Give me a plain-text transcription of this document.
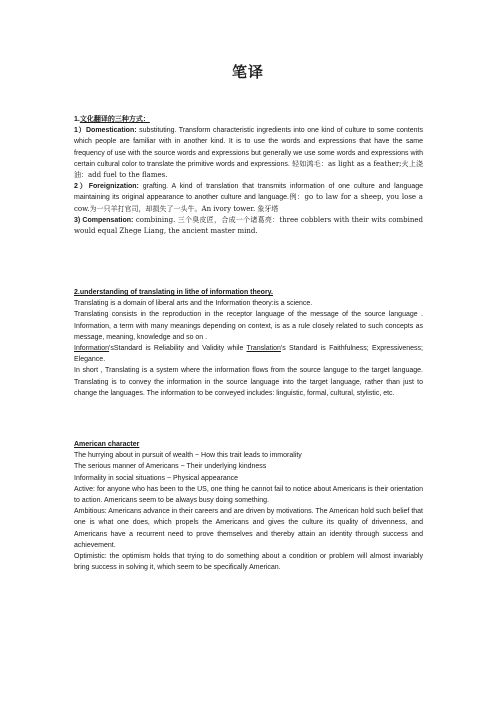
笔译

1.文化翻译的三种方式：

1）Domestication: substituting. Transform characteristic ingredients into one kind of culture to some contents which people are familiar with in another kind. It is to use the words and expressions that have the same frequency of use with the source words and expressions but generally we use some words and expressions with certain cultural color to translate the primitive words and expressions. 轻如鸿毛：as light as a feather;火上浇油：add fuel to the flames.

2）Foreignization: grafting. A kind of translation that transmits information of one culture and language maintaining its original appearance to another culture and language.例：go to law for a sheep, you lose a cow.为一只羊打官司，却损失了一头牛。An ivory tower. 象牙塔

3) Compensation: combining. 三个臭皮匠，合成一个诸葛亮：three cobblers with their wits combined would equal Zhege Liang, the ancient master mind.

2.understanding of translating in lithe of information theory.

Translating is a domain of liberal arts and the Information theory:is a science.

Translating consists in the reproduction in the receptor language of the message of the source language . Information, a term with many meanings depending on context, is as a rule closely related to such concepts as message, meaning, knowledge and so on .

Information'sStandard is Reliability and Validity while Translation's Standard is Faithfulness; Expressiveness; Elegance.

In short , Translating is a system where the information flows from the source languge to the target language. Translating is to convey the information in the source language into the target language, rather than just to change the languages. The information to be conveyed includes: linguistic, formal, cultural, stylistic, etc.

American character

The hurrying about in pursuit of wealth ~ How this trait leads to immorality

The serious manner of Americans ~ Their underlying kindness

Informality in social situations ~ Physical appearance

Active: for anyone who has been to the US, one thing he cannot fail to notice about Americans is their orientation to action. Americans seem to be always busy doing something.

Ambitious: Americans advance in their careers and are driven by motivations. The American hold such belief that one is what one does, which propels the Americans and gives the culture its quality of drivenness, and Americans have a recurrent need to prove themselves and thereby attain an identity through success and achievement.

Optimistic: the optimism holds that trying to do something about a condition or problem will almost invariably bring success in solving it, which seem to be specifically American.
